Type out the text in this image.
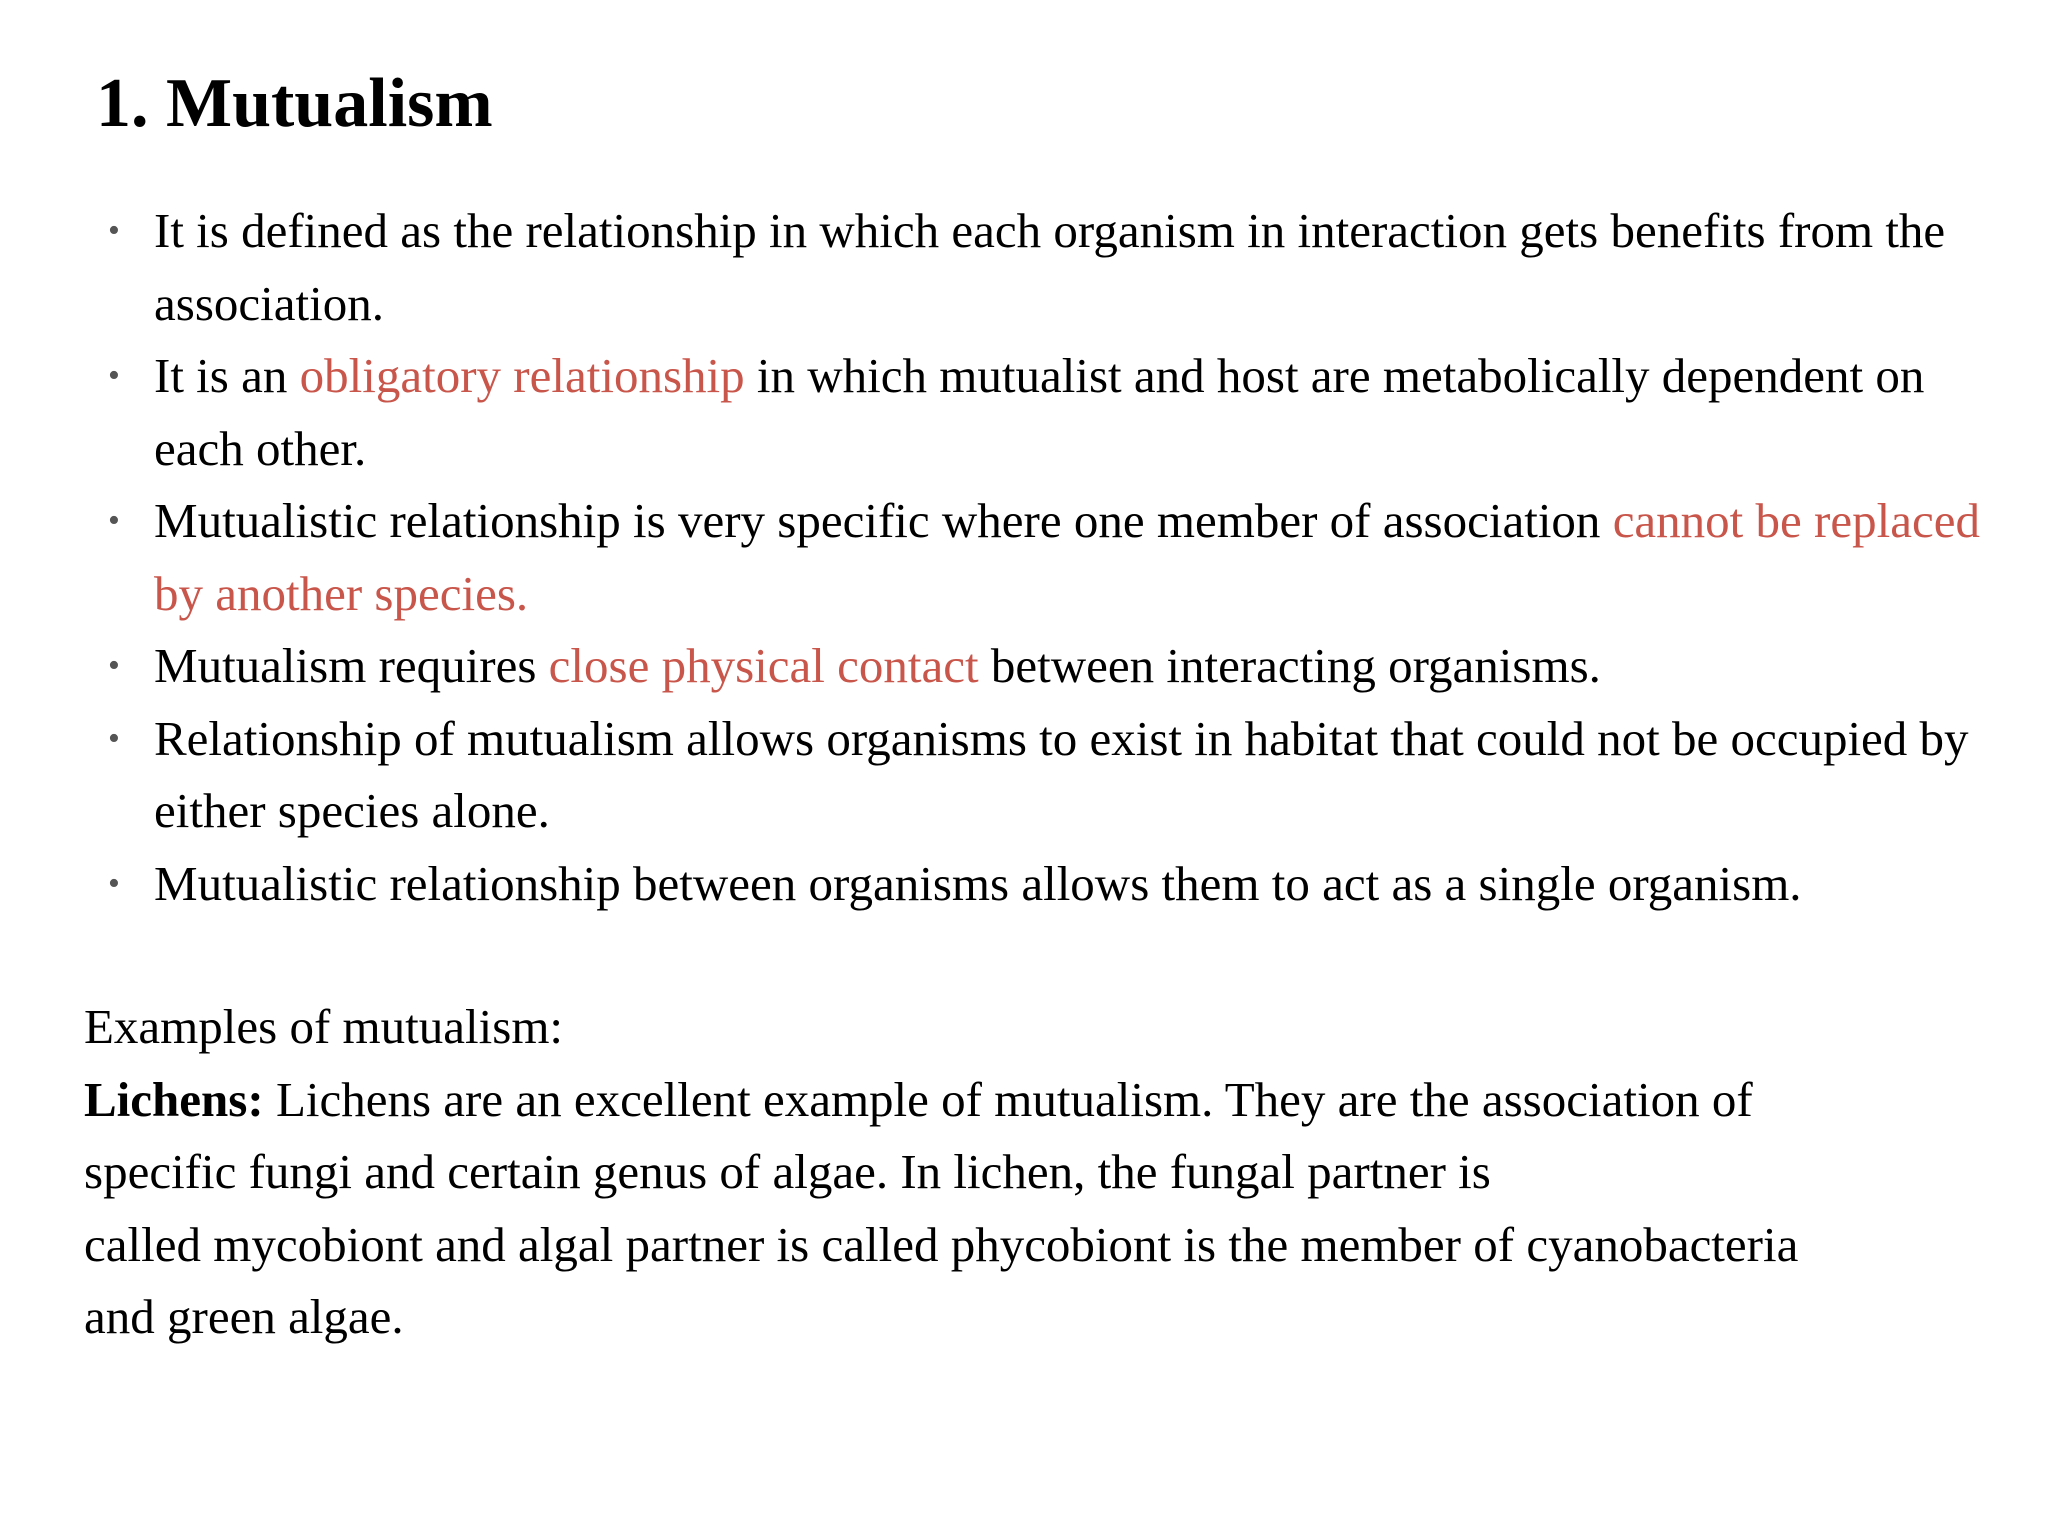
1. Mutualism
• It is defined as the relationship in which each organism in interaction gets benefits from the association.
• It is an obligatory relationship in which mutualist and host are metabolically dependent on each other.
• Mutualistic relationship is very specific where one member of association cannot be replaced by another species.
• Mutualism requires close physical contact between interacting organisms.
• Relationship of mutualism allows organisms to exist in habitat that could not be occupied by either species alone.
• Mutualistic relationship between organisms allows them to act as a single organism.

Examples of mutualism:

Lichens: Lichens are an excellent example of mutualism. They are the association of

specific fungi and certain genus of algae. In lichen, the fungal partner is

called mycobiont and algal partner is called phycobiont is the member of cyanobacteria

and green algae.
